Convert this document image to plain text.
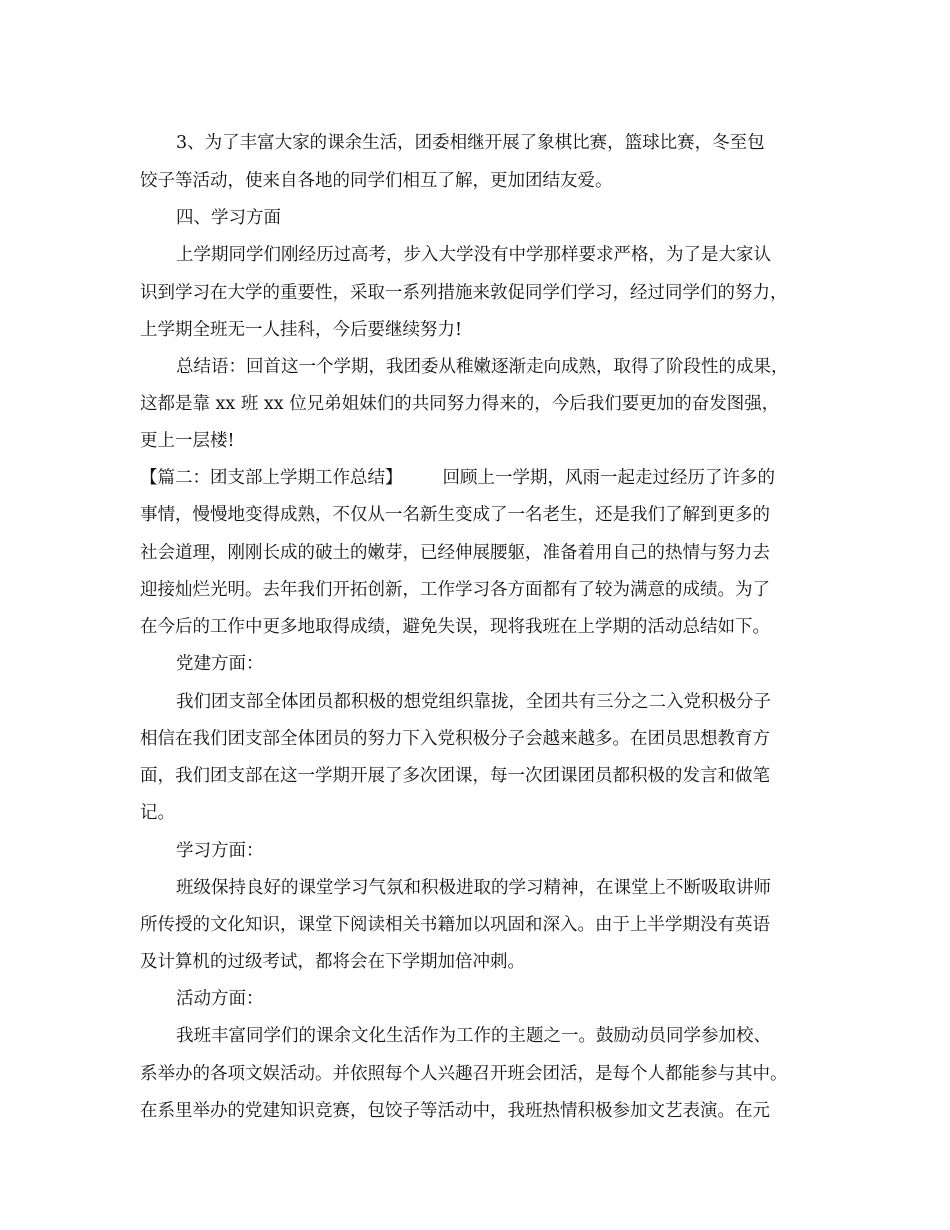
3、为了丰富大家的课余生活，团委相继开展了象棋比赛，篮球比赛，冬至包
饺子等活动，使来自各地的同学们相互了解，更加团结友爱。
四、学习方面
上学期同学们刚经历过高考，步入大学没有中学那样要求严格，为了是大家认
识到学习在大学的重要性，采取一系列措施来敦促同学们学习，经过同学们的努力，
上学期全班无一人挂科，今后要继续努力!
总结语：回首这一个学期，我团委从稚嫩逐渐走向成熟，取得了阶段性的成果，
这都是靠 xx 班 xx 位兄弟姐妹们的共同努力得来的，今后我们要更加的奋发图强，
更上一层楼!
【篇二：团支部上学期工作总结】 回顾上一学期，风雨一起走过经历了许多的
事情，慢慢地变得成熟，不仅从一名新生变成了一名老生，还是我们了解到更多的
社会道理，刚刚长成的破土的嫩芽，已经伸展腰躯，准备着用自己的热情与努力去
迎接灿烂光明。去年我们开拓创新，工作学习各方面都有了较为满意的成绩。为了
在今后的工作中更多地取得成绩，避免失误，现将我班在上学期的活动总结如下。
党建方面：
我们团支部全体团员都积极的想党组织靠拢，全团共有三分之二入党积极分子
相信在我们团支部全体团员的努力下入党积极分子会越来越多。在团员思想教育方
面，我们团支部在这一学期开展了多次团课，每一次团课团员都积极的发言和做笔
记。
学习方面：
班级保持良好的课堂学习气氛和积极进取的学习精神，在课堂上不断吸取讲师
所传授的文化知识，课堂下阅读相关书籍加以巩固和深入。由于上半学期没有英语
及计算机的过级考试，都将会在下学期加倍冲刺。
活动方面：
我班丰富同学们的课余文化生活作为工作的主题之一。鼓励动员同学参加校、
系举办的各项文娱活动。并依照每个人兴趣召开班会团活，是每个人都能参与其中。
在系里举办的党建知识竞赛，包饺子等活动中，我班热情积极参加文艺表演。在元
